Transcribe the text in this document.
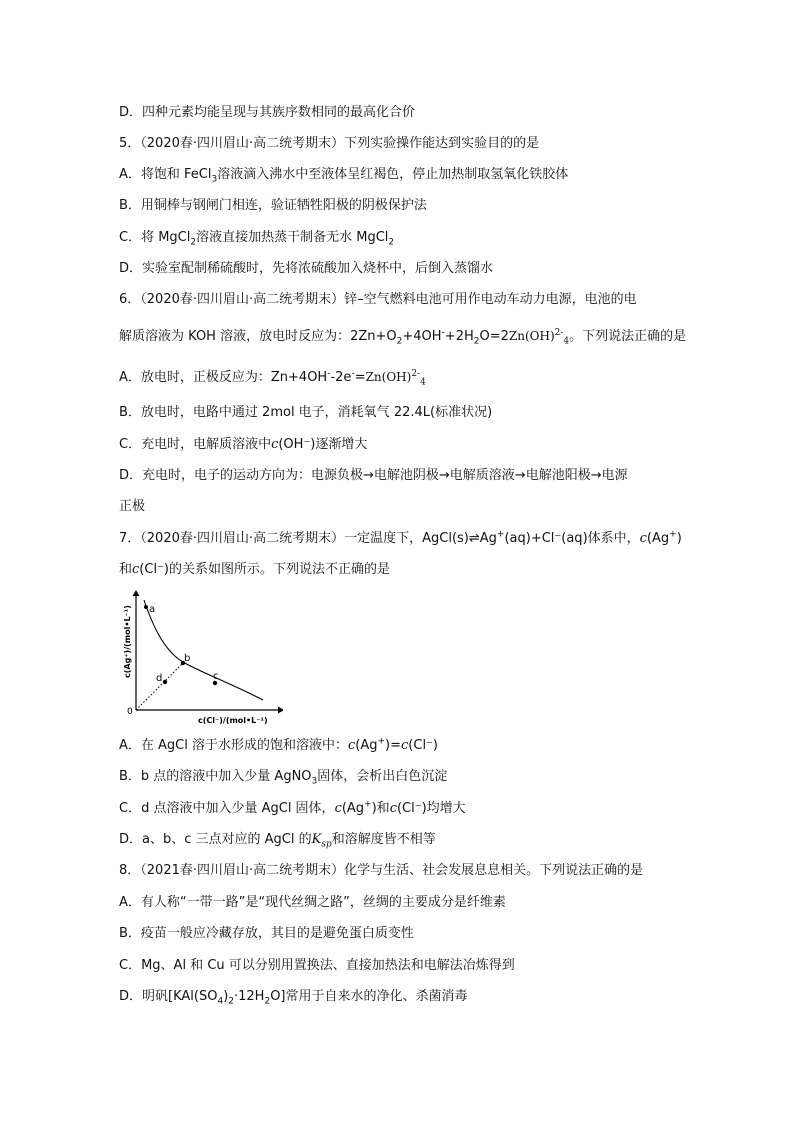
D．四种元素均能呈现与其族序数相同的最高化合价
5．（2020春·四川眉山·高二统考期末）下列实验操作能达到实验目的的是
A．将饱和 FeCl$_3$溶液滴入沸水中至液体呈红褐色，停止加热制取氢氧化铁胶体
B．用铜棒与钢闸门相连，验证牺牲阳极的阴极保护法
C．将 MgCl$_2$溶液直接加热蒸干制备无水 MgCl$_2$
D．实验室配制稀硫酸时，先将浓硫酸加入烧杯中，后倒入蒸馏水
6．（2020春·四川眉山·高二统考期末）锌–空气燃料电池可用作电动车动力电源，电池的电
解质溶液为 KOH 溶液，放电时反应为：$2Zn+O_2+4OH^-+2H_2O=2Zn(OH)^{2-}_4$。下列说法正确的是
A．放电时，正极反应为：Zn+4OH--2e-=Zn(OH)$^{2-}_4$
B．放电时，电路中通过 2mol 电子，消耗氧气 22.4L(标准状况)
C．充电时，电解质溶液中c(OH⁻)逐渐增大
D．充电时，电子的运动方向为：电源负极→电解池阴极→电解质溶液→电解池阳极→电源
正极
7．（2020春·四川眉山·高二统考期末）一定温度下，AgCl(s)⇌Ag+(aq)+Cl⁻(aq)体系中，c(Ag+)
和c(Cl⁻)的关系如图所示。下列说法不正确的是
a
b
c
d
0
c(Ag⁺)/(mol•L⁻¹)
c(Cl⁻)/(mol•L⁻¹)
A．在 AgCl 溶于水形成的饱和溶液中：c(Ag+)=c(Cl⁻)
B．b 点的溶液中加入少量 AgNO$_3$固体，会析出白色沉淀
C．d 点溶液中加入少量 AgCl 固体，c(Ag+)和c(Cl⁻)均增大
D．a、b、c 三点对应的 AgCl 的$K_{sp}$和溶解度皆不相等
8．（2021春·四川眉山·高二统考期末）化学与生活、社会发展息息相关。下列说法正确的是
A．有人称“一带一路”是“现代丝绸之路”，丝绸的主要成分是纤维素
B．疫苗一般应冷藏存放，其目的是避免蛋白质变性
C．Mg、Al 和 Cu 可以分别用置换法、直接加热法和电解法冶炼得到
D．明矾$[KAl(SO_4)_2\cdot 12H_2O]$常用于自来水的净化、杀菌消毒
